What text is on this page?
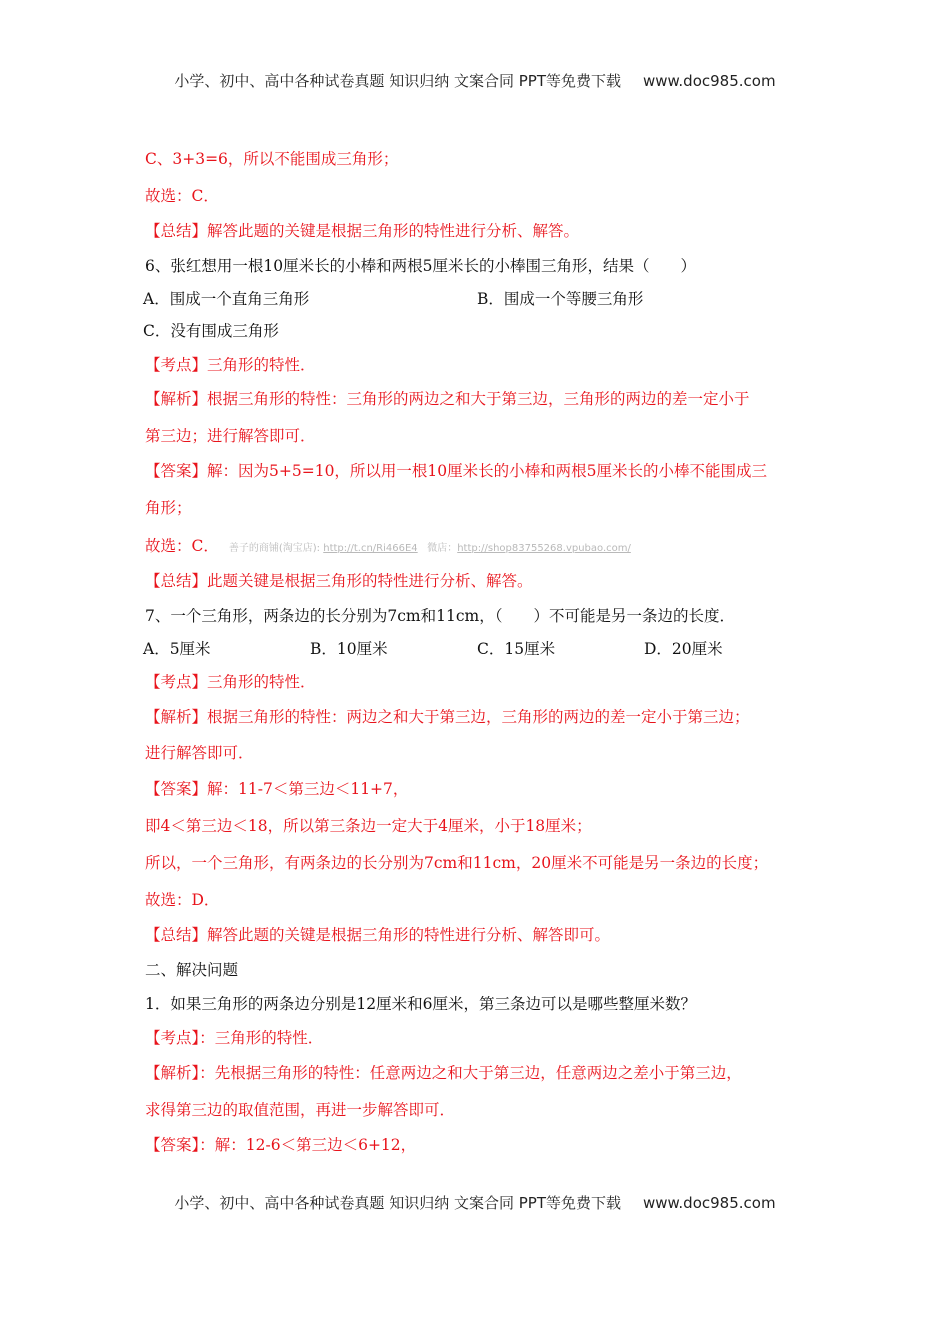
小学、初中、高中各种试卷真题 知识归纳 文案合同 PPT等免费下载 www.doc985.com
C、3+3=6，所以不能围成三角形；
故选：C．
【总结】解答此题的关键是根据三角形的特性进行分析、解答。
6、张红想用一根10厘米长的小棒和两根5厘米长的小棒围三角形，结果（　　）
A．围成一个直角三角形	B．围成一个等腰三角形
C．没有围成三角形
【考点】三角形的特性．
【解析】根据三角形的特性：三角形的两边之和大于第三边，三角形的两边的差一定小于
第三边；进行解答即可．
【答案】解：因为5+5=10，所以用一根10厘米长的小棒和两根5厘米长的小棒不能围成三
角形；
故选：C． 善子的商铺(淘宝店): http://t.cn/Ri466E4 微店：http://shop83755268.vpubao.com/
【总结】此题关键是根据三角形的特性进行分析、解答。
7、一个三角形，两条边的长分别为7cm和11cm，（　　）不可能是另一条边的长度．
A．5厘米	B．10厘米	C．15厘米	D．20厘米
【考点】三角形的特性．
【解析】根据三角形的特性：两边之和大于第三边，三角形的两边的差一定小于第三边；
进行解答即可．
【答案】解：11-7＜第三边＜11+7，
即4＜第三边＜18，所以第三条边一定大于4厘米，小于18厘米；
所以，一个三角形，有两条边的长分别为7cm和11cm，20厘米不可能是另一条边的长度；
故选：D．
【总结】解答此题的关键是根据三角形的特性进行分析、解答即可。
二、解决问题
1．如果三角形的两条边分别是12厘米和6厘米，第三条边可以是哪些整厘米数？
【考点】：三角形的特性．
【解析】：先根据三角形的特性：任意两边之和大于第三边，任意两边之差小于第三边，
求得第三边的取值范围，再进一步解答即可．
【答案】：解：12-6＜第三边＜6+12，
小学、初中、高中各种试卷真题 知识归纳 文案合同 PPT等免费下载 www.doc985.com
